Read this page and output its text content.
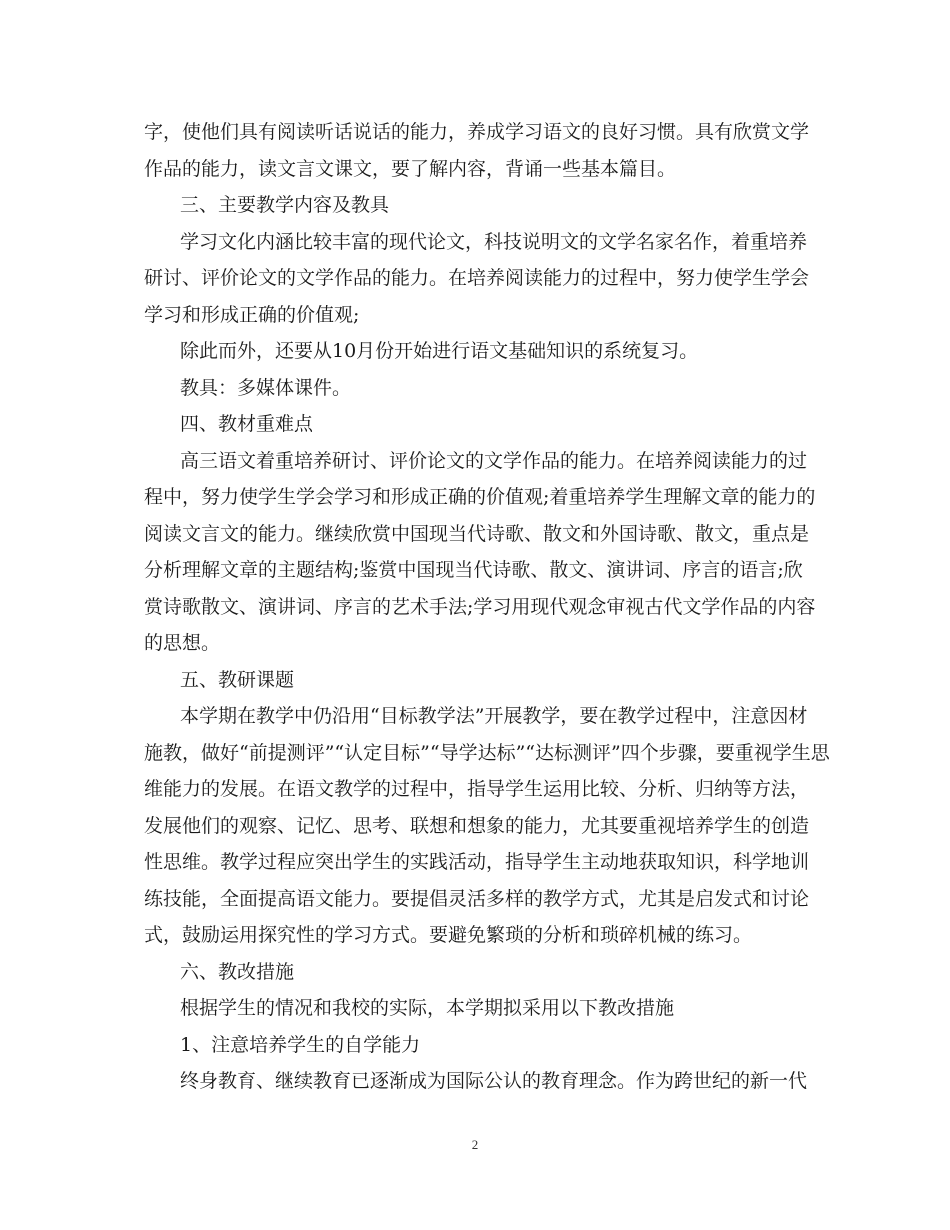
字，使他们具有阅读听话说话的能力，养成学习语文的良好习惯。具有欣赏文学
作品的能力，读文言文课文，要了解内容，背诵一些基本篇目。
三、主要教学内容及教具
学习文化内涵比较丰富的现代论文，科技说明文的文学名家名作，着重培养
研讨、评价论文的文学作品的能力。在培养阅读能力的过程中，努力使学生学会
学习和形成正确的价值观;
除此而外，还要从10月份开始进行语文基础知识的系统复习。
教具：多媒体课件。
四、教材重难点
高三语文着重培养研讨、评价论文的文学作品的能力。在培养阅读能力的过
程中，努力使学生学会学习和形成正确的价值观;着重培养学生理解文章的能力的
阅读文言文的能力。继续欣赏中国现当代诗歌、散文和外国诗歌、散文，重点是
分析理解文章的主题结构;鉴赏中国现当代诗歌、散文、演讲词、序言的语言;欣
赏诗歌散文、演讲词、序言的艺术手法;学习用现代观念审视古代文学作品的内容
的思想。
五、教研课题
本学期在教学中仍沿用“目标教学法”开展教学，要在教学过程中，注意因材
施教，做好“前提测评”“认定目标”“导学达标”“达标测评”四个步骤，要重视学生思
维能力的发展。在语文教学的过程中，指导学生运用比较、分析、归纳等方法，
发展他们的观察、记忆、思考、联想和想象的能力，尤其要重视培养学生的创造
性思维。教学过程应突出学生的实践活动，指导学生主动地获取知识，科学地训
练技能，全面提高语文能力。要提倡灵活多样的教学方式，尤其是启发式和讨论
式，鼓励运用探究性的学习方式。要避免繁琐的分析和琐碎机械的练习。
六、教改措施
根据学生的情况和我校的实际，本学期拟采用以下教改措施
1、注意培养学生的自学能力
终身教育、继续教育已逐渐成为国际公认的教育理念。作为跨世纪的新一代
2
